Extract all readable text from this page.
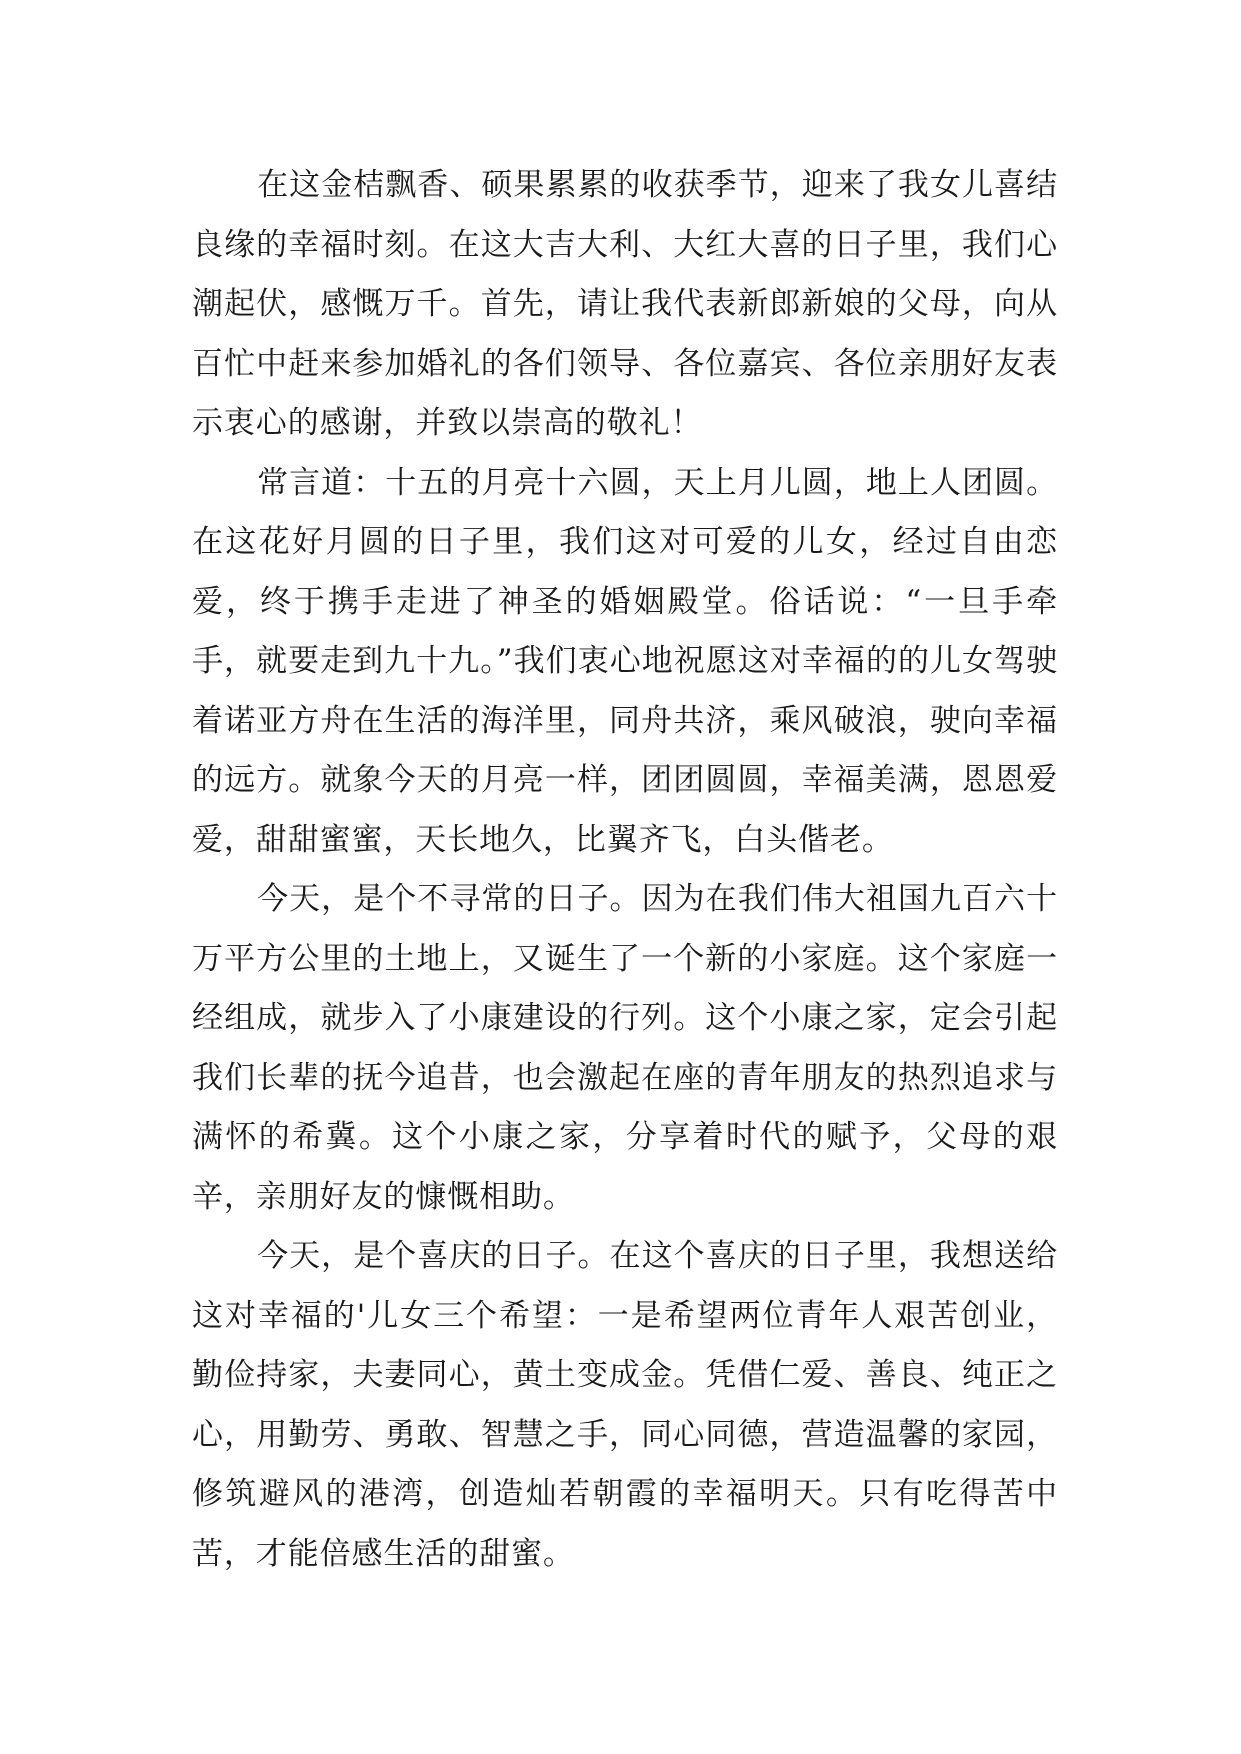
在这金桔飘香、硕果累累的收获季节，迎来了我女儿喜结良缘的幸福时刻。在这大吉大利、大红大喜的日子里，我们心潮起伏，感慨万千。首先，请让我代表新郎新娘的父母，向从百忙中赶来参加婚礼的各们领导、各位嘉宾、各位亲朋好友表示衷心的感谢，并致以崇高的敬礼！

常言道：十五的月亮十六圆，天上月儿圆，地上人团圆。在这花好月圆的日子里，我们这对可爱的儿女，经过自由恋爱，终于携手走进了神圣的婚姻殿堂。俗话说：“一旦手牵手，就要走到九十九。”我们衷心地祝愿这对幸福的的儿女驾驶着诺亚方舟在生活的海洋里，同舟共济，乘风破浪，驶向幸福的远方。就象今天的月亮一样，团团圆圆，幸福美满，恩恩爱爱，甜甜蜜蜜，天长地久，比翼齐飞，白头偕老。

今天，是个不寻常的日子。因为在我们伟大祖国九百六十万平方公里的土地上，又诞生了一个新的小家庭。这个家庭一经组成，就步入了小康建设的行列。这个小康之家，定会引起我们长辈的抚今追昔，也会激起在座的青年朋友的热烈追求与满怀的希冀。这个小康之家，分享着时代的赋予，父母的艰辛，亲朋好友的慷慨相助。

今天，是个喜庆的日子。在这个喜庆的日子里，我想送给这对幸福的'儿女三个希望：一是希望两位青年人艰苦创业，勤俭持家，夫妻同心，黄土变成金。凭借仁爱、善良、纯正之心，用勤劳、勇敢、智慧之手，同心同德，营造温馨的家园，修筑避风的港湾，创造灿若朝霞的幸福明天。只有吃得苦中苦，才能倍感生活的甜蜜。
